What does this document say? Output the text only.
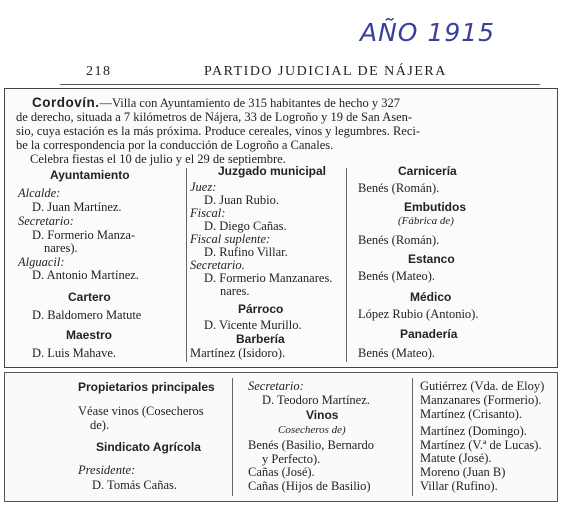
AÑO 1915
218	PARTIDO JUDICIAL DE NÁJERA
Cordovín.—Villa con Ayuntamiento de 315 habitantes de hecho y 327
de derecho, situada a 7 kilómetros de Nájera, 33 de Logroño y 19 de San Asen-
sio, cuya estación es la más próxima. Produce cereales, vinos y legumbres. Reci-
be la correspondencia por la conducción de Logroño a Canales.
Celebra fiestas el 10 de julio y el 29 de septiembre.
Ayuntamiento
Alcalde:
D. Juan Martínez.
Secretario:
D. Formerio Manza-
nares).
Alguacil:
D. Antonio Martínez.
Cartero
D. Baldomero Matute
Maestro
D. Luis Mahave.
Juzgado municipal
Juez:
D. Juan Rubio.
Fiscal:
D. Diego Cañas.
Fiscal suplente:
D. Rufino Villar.
Secretario.
D. Formerio Manzanares.
nares.
Párroco
D. Vicente Murillo.
Barbería
Martínez (Isidoro).
Carnicería
Benés (Román).
Embutidos
(Fábrica de)
Benés (Román).
Estanco
Benés (Mateo).
Médico
López Rubio (Antonio).
Panadería
Benés (Mateo).
Propietarios principales
Véase vinos (Cosecheros
de).
Sindicato Agrícola
Presidente:
D. Tomás Cañas.
Secretario:
D. Teodoro Martínez.
Vinos
Cosecheros de)
Benés (Basilio, Bernardo
y Perfecto).
Cañas (José).
Cañas (Hijos de Basilio)
Gutiérrez (Vda. de Eloy)
Manzanares (Formerio).
Martínez (Crisanto).
Martínez (Domingo).
Martínez (V.ª de Lucas).
Matute (José).
Moreno (Juan B)
Villar (Rufino).
